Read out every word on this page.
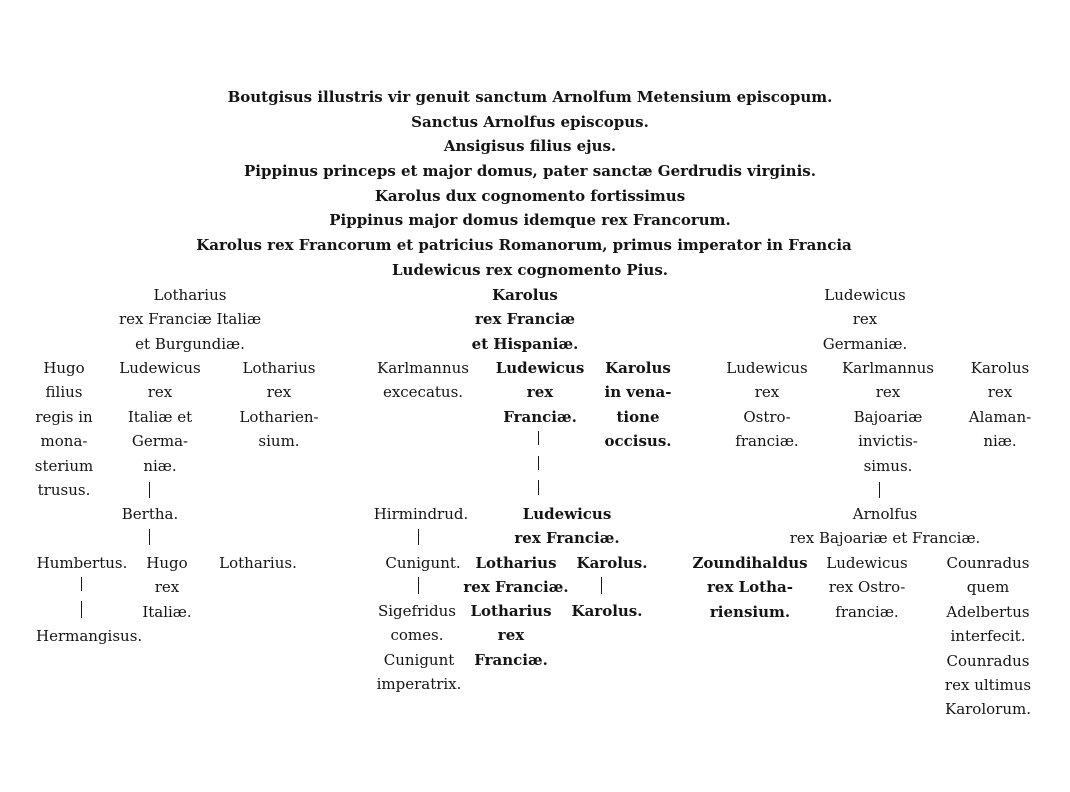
Boutgisus illustris vir genuit sanctum Arnolfum Metensium episcopum.
Sanctus Arnolfus episcopus.
Ansigisus filius ejus.
Pippinus princeps et major domus, pater sanctæ Gerdrudis virginis.
Karolus dux cognomento fortissimus
Pippinus major domus idemque rex Francorum.
Karolus rex Francorum et patricius Romanorum, primus imperator in Francia
Ludewicus rex cognomento Pius.
Lotharius
rex Franciæ Italiæ
et Burgundiæ.
Hugo
filius
regis in
mona-
sterium
trusus.
Ludewicus
rex
Italiæ et
Germa-
niæ.
Lotharius
rex
Lotharien-
sium.
Bertha.
Humbertus. Hugo
rex
Italiæ.
Lotharius.
Hermangisus.
Karolus
rex Franciæ
et Hispaniæ.
Karlmannus
excecatus.
Ludewicus
rex
Franciæ.
Karolus
in vena-
tione
occisus.
Hirmindrud.	Ludewicus
rex Franciæ.
Cunigunt. Lotharius
rex Franciæ.
Karolus.
Sigefridus
comes.
Lotharius
rex
Franciæ.
Karolus.
Cunigunt
imperatrix.
Ludewicus
rex
Germaniæ.
Ludewicus
rex
Ostro-
franciæ.
Karlmannus
rex
Bajoariæ
invictis-
simus.
Karolus
rex
Alaman-
niæ.
Arnolfus
rex Bajoariæ et Franciæ.
Zoundihaldus
rex Lotha-
riensium.
Ludewicus
rex Ostro-
franciæ.
Counradus
quem
Adelbertus
interfecit.
Counradus
rex ultimus
Karolorum.
